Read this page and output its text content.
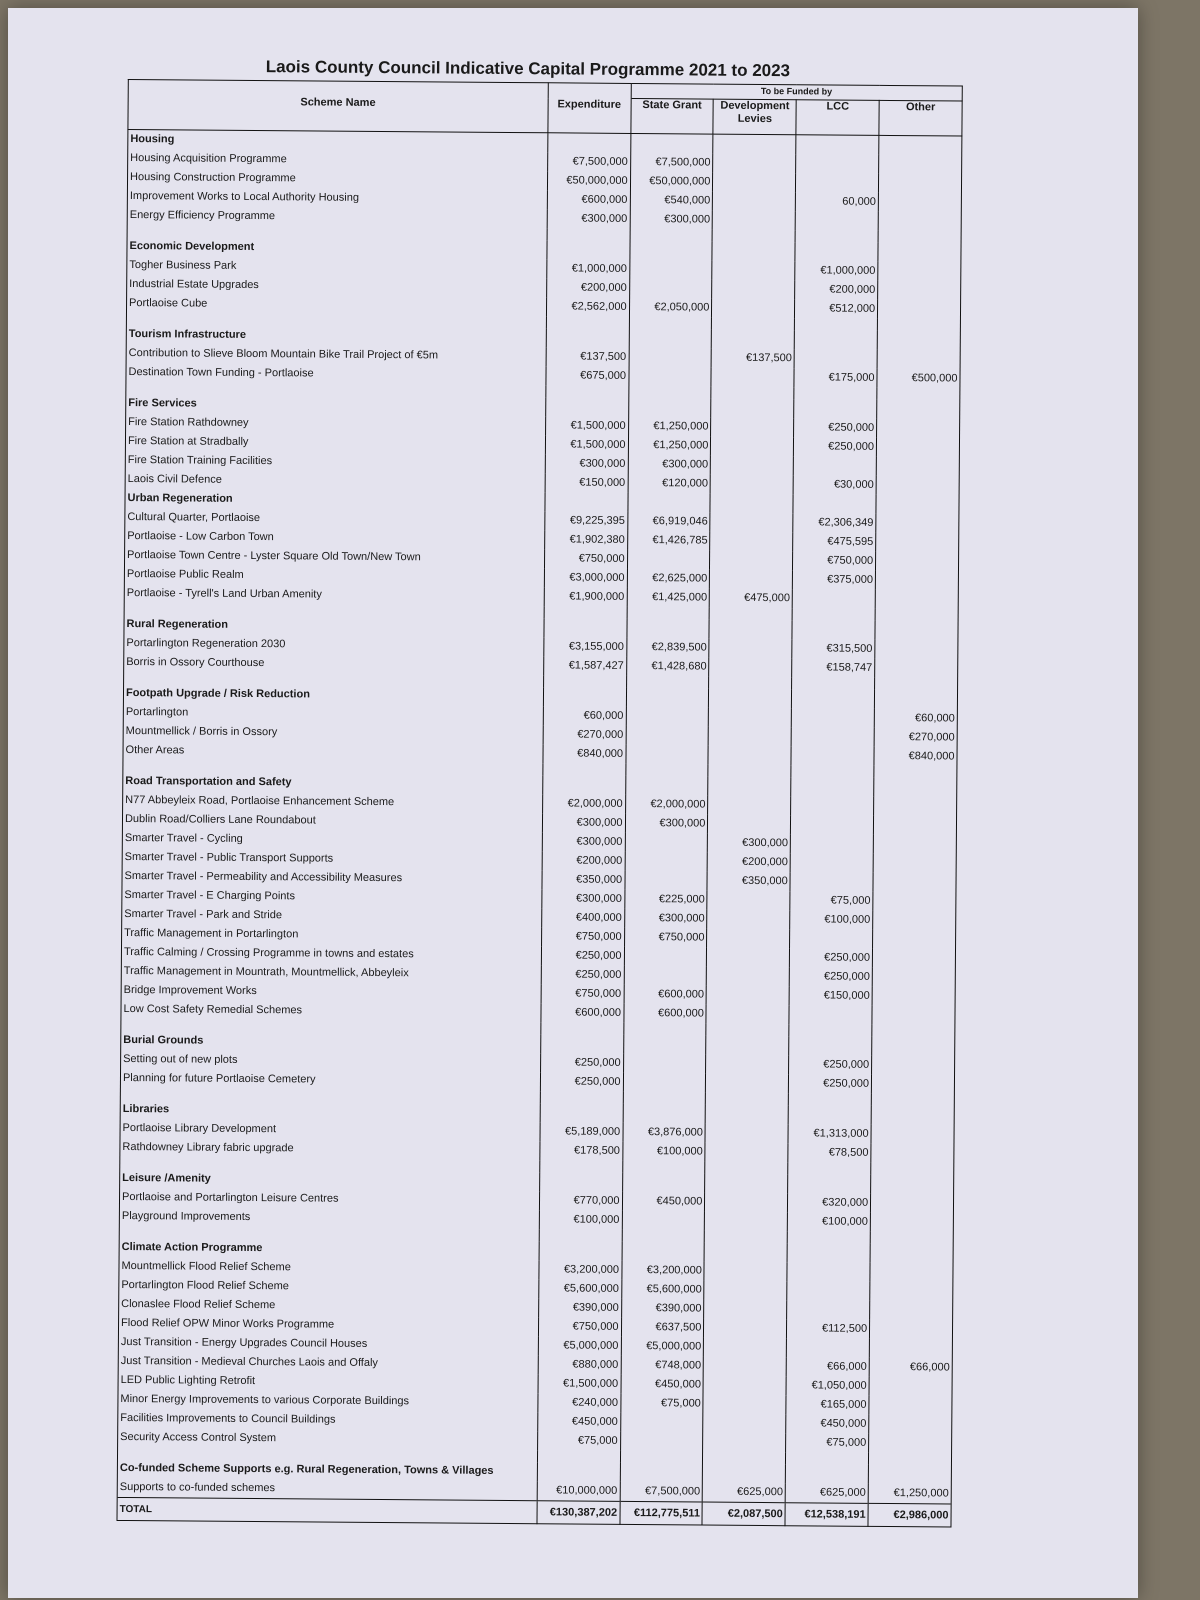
Laois County Council Indicative Capital Programme 2021 to 2023
		To be Funded by			
Scheme Name	Expenditure	State Grant	Development Levies	LCC	Other
Housing					
Housing Acquisition Programme	€7,500,000	€7,500,000			
Housing Construction Programme	€50,000,000	€50,000,000			
Improvement Works to Local Authority Housing	€600,000	€540,000		60,000	
Energy Efficiency Programme	€300,000	€300,000			

Economic Development					
Togher Business Park	€1,000,000			€1,000,000	
Industrial Estate Upgrades	€200,000			€200,000	
Portlaoise Cube	€2,562,000	€2,050,000		€512,000	

Tourism Infrastructure					
Contribution to Slieve Bloom Mountain Bike Trail Project of €5m	€137,500		€137,500		
Destination Town Funding - Portlaoise	€675,000			€175,000	€500,000

Fire Services					
Fire Station Rathdowney	€1,500,000	€1,250,000		€250,000	
Fire Station at Stradbally	€1,500,000	€1,250,000		€250,000	
Fire Station Training Facilities	€300,000	€300,000			
Laois Civil Defence	€150,000	€120,000		€30,000	
Urban Regeneration					
Cultural Quarter, Portlaoise	€9,225,395	€6,919,046		€2,306,349	
Portlaoise - Low Carbon Town	€1,902,380	€1,426,785		€475,595	
Portlaoise Town Centre - Lyster Square Old Town/New Town	€750,000			€750,000	
Portlaoise Public Realm	€3,000,000	€2,625,000		€375,000	
Portlaoise - Tyrell's Land Urban Amenity	€1,900,000	€1,425,000	€475,000		

Rural Regeneration					
Portarlington Regeneration 2030	€3,155,000	€2,839,500		€315,500	
Borris in Ossory Courthouse	€1,587,427	€1,428,680		€158,747	

Footpath Upgrade / Risk Reduction					
Portarlington	€60,000				€60,000
Mountmellick / Borris in Ossory	€270,000				€270,000
Other Areas	€840,000				€840,000

Road Transportation and Safety					
N77 Abbeyleix Road, Portlaoise Enhancement Scheme	€2,000,000	€2,000,000			
Dublin Road/Colliers Lane Roundabout	€300,000	€300,000			
Smarter Travel - Cycling	€300,000		€300,000		
Smarter Travel - Public Transport Supports	€200,000		€200,000		
Smarter Travel - Permeability and Accessibility Measures	€350,000		€350,000		
Smarter Travel - E Charging Points	€300,000	€225,000		€75,000	
Smarter Travel - Park and Stride	€400,000	€300,000		€100,000	
Traffic Management in Portarlington	€750,000	€750,000			
Traffic Calming / Crossing Programme in towns and estates	€250,000			€250,000	
Traffic Management in Mountrath, Mountmellick, Abbeyleix	€250,000			€250,000	
Bridge Improvement Works	€750,000	€600,000		€150,000	
Low Cost Safety Remedial Schemes	€600,000	€600,000			

Burial Grounds					
Setting out of new plots	€250,000			€250,000	
Planning for future Portlaoise Cemetery	€250,000			€250,000	

Libraries					
Portlaoise Library Development	€5,189,000	€3,876,000		€1,313,000	
Rathdowney Library fabric upgrade	€178,500	€100,000		€78,500	

Leisure /Amenity					
Portlaoise and Portarlington Leisure Centres	€770,000	€450,000		€320,000	
Playground Improvements	€100,000			€100,000	

Climate Action Programme					
Mountmellick Flood Relief Scheme	€3,200,000	€3,200,000			
Portarlington Flood Relief Scheme	€5,600,000	€5,600,000			
Clonaslee Flood Relief Scheme	€390,000	€390,000			
Flood Relief OPW Minor Works Programme	€750,000	€637,500		€112,500	
Just Transition - Energy Upgrades Council Houses	€5,000,000	€5,000,000			
Just Transition - Medieval Churches Laois and Offaly	€880,000	€748,000		€66,000	€66,000
LED Public Lighting Retrofit	€1,500,000	€450,000		€1,050,000	
Minor Energy Improvements to various Corporate Buildings	€240,000	€75,000		€165,000	
Facilities Improvements to Council Buildings	€450,000			€450,000	
Security Access Control System	€75,000			€75,000	

Co-funded Scheme Supports e.g. Rural Regeneration, Towns & Villages					
Supports to co-funded schemes	€10,000,000	€7,500,000	€625,000	€625,000	€1,250,000
TOTAL	€130,387,202	€112,775,511	€2,087,500	€12,538,191	€2,986,000
